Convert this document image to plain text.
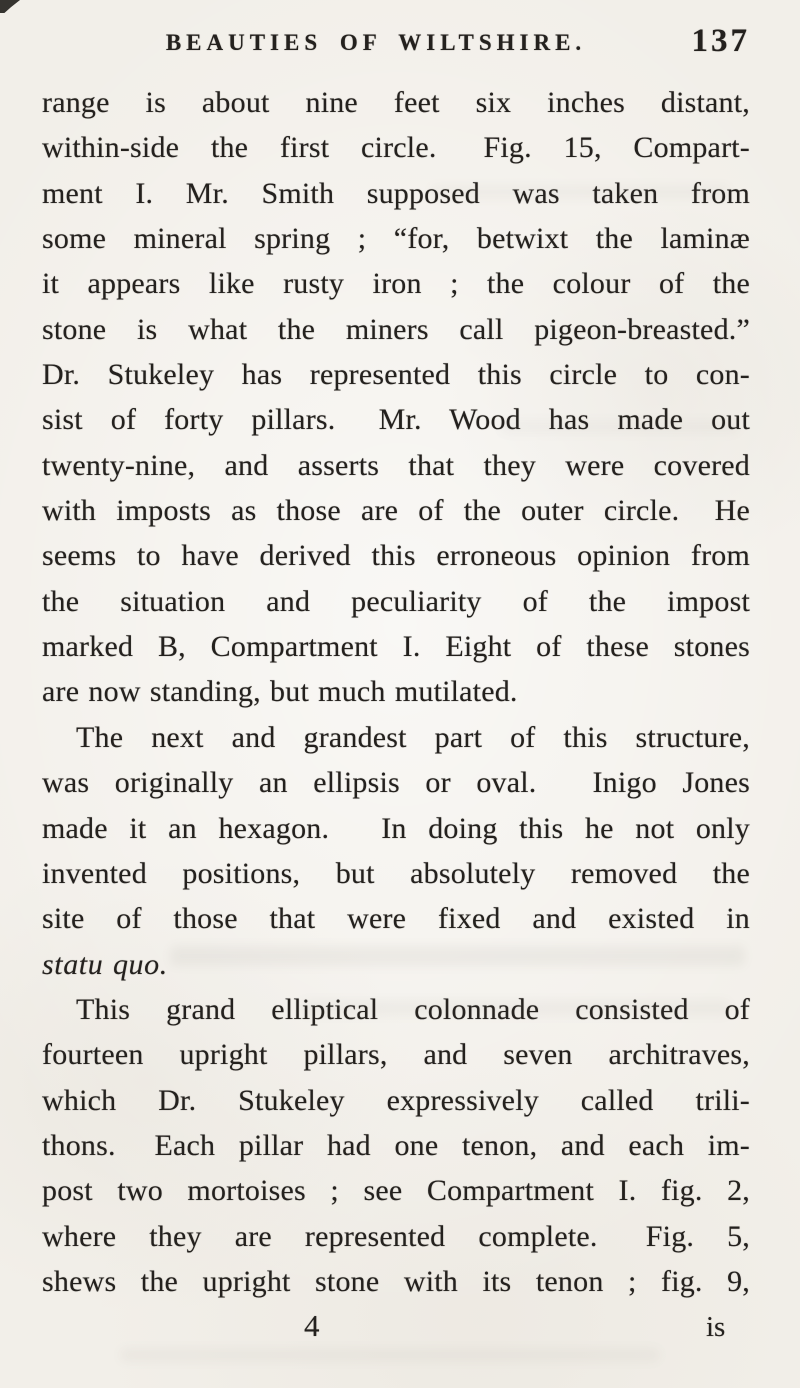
BEAUTIES OF WILTSHIRE.	137
range is about nine feet six inches distant,
within-side the first circle.  Fig. 15, Compart-
ment I. Mr. Smith supposed was taken from
some mineral spring ; “for, betwixt the laminæ
it appears like rusty iron ; the colour of the
stone is what the miners call pigeon-breasted.”
Dr. Stukeley has represented this circle to con-
sist of forty pillars.  Mr. Wood has made out
twenty-nine, and asserts that they were covered
with imposts as those are of the outer circle.  He
seems to have derived this erroneous opinion from
the situation and peculiarity of the impost
marked B, Compartment I. Eight of these stones
are now standing, but much mutilated.
The next and grandest part of this structure,
was originally an ellipsis or oval.   Inigo Jones
made it an hexagon.   In doing this he not only
invented positions, but absolutely removed the
site of those that were fixed and existed in
statu quo.
This grand elliptical colonnade consisted of
fourteen upright pillars, and seven architraves,
which Dr. Stukeley expressively called trili-
thons.  Each pillar had one tenon, and each im-
post two mortoises ; see Compartment I. fig. 2,
where they are represented complete.  Fig. 5,
shews the upright stone with its tenon ; fig. 9,
4	is
